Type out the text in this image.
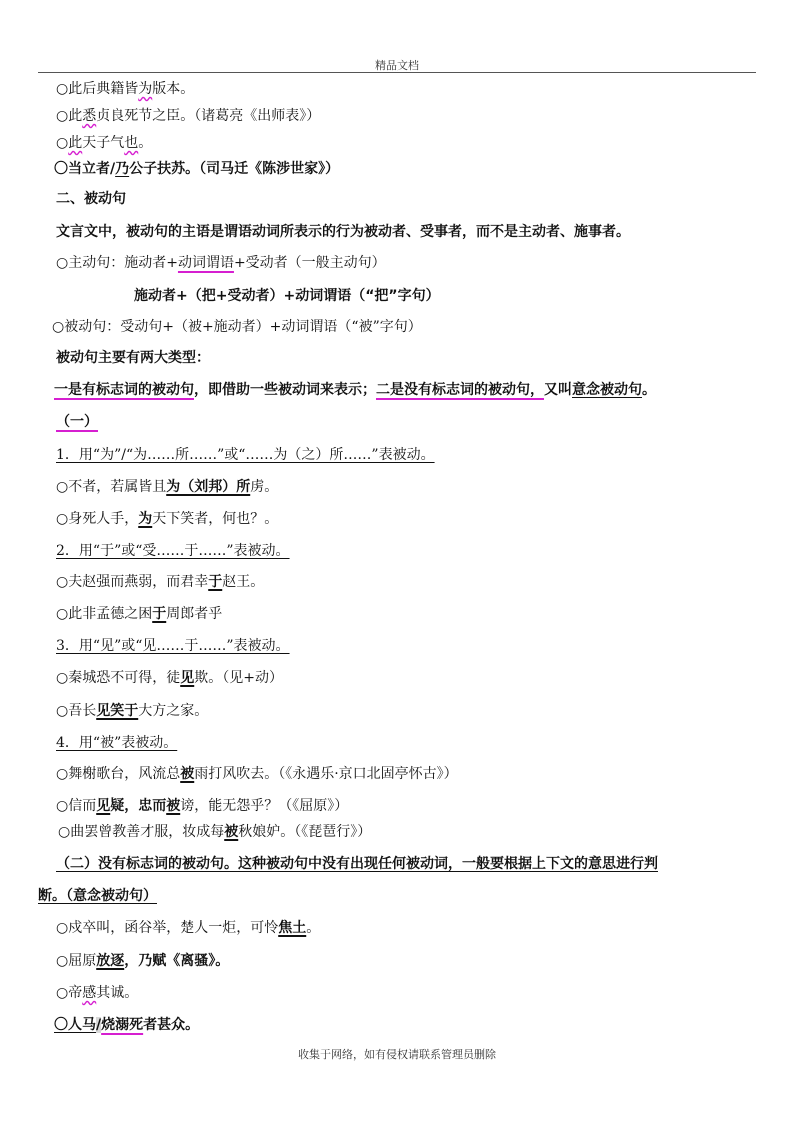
精品文档
○此后典籍皆为版本。
○此悉贞良死节之臣。（诸葛亮《出师表》）
○此天子气也。
〇当立者/乃公子扶苏。（司马迁《陈涉世家》）
二、被动句
文言文中，被动句的主语是谓语动词所表示的行为被动者、受事者，而不是主动者、施事者。
○主动句：施动者+动词谓语+受动者（一般主动句）
施动者+（把+受动者）+动词谓语（“把”字句）
○被动句：受动句+（被+施动者）+动词谓语（“被”字句）
被动句主要有两大类型：
一是有标志词的被动句，即借助一些被动词来表示；二是没有标志词的被动句，又叫意念被动句。
（一）
1．用“为”/“为……所……”或“……为（之）所……”表被动。
○不者，若属皆且为（刘邦）所虏。
○身死人手，为天下笑者，何也？。
2．用“于”或“受……于……”表被动。
○夫赵强而燕弱，而君幸于赵王。
○此非孟德之困于周郎者乎
3．用“见”或“见……于……”表被动。
○秦城恐不可得，徒见欺。（见+动）
○吾长见笑于大方之家。
4．用“被”表被动。
○舞榭歌台，风流总被雨打风吹去。（《永遇乐·京口北固亭怀古》）
○信而见疑，忠而被谤，能无怨乎？（《屈原》）
○曲罢曾教善才服，妆成每被秋娘妒。（《琵琶行》）
（二）没有标志词的被动句。这种被动句中没有出现任何被动词，一般要根据上下文的意思进行判
断。（意念被动句）
○戍卒叫，函谷举，楚人一炬，可怜焦土。
○屈原放逐，乃赋《离骚》。
○帝感其诚。
〇人马/烧溺死者甚众。
收集于网络，如有侵权请联系管理员删除
